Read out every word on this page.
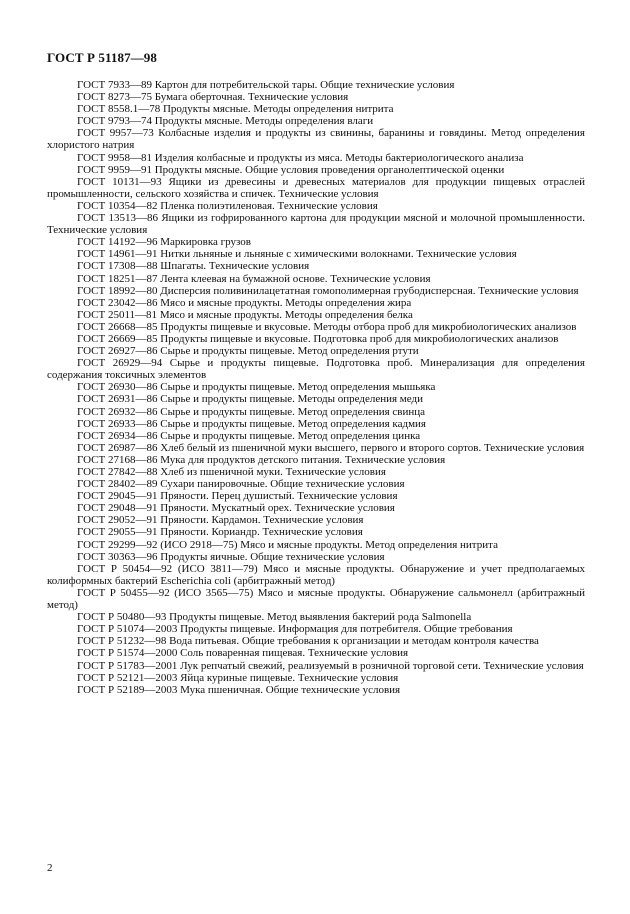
ГОСТ Р 51187—98
ГОСТ 7933—89 Картон для потребительской тары. Общие технические условия
ГОСТ 8273—75 Бумага оберточная. Технические условия
ГОСТ 8558.1—78 Продукты мясные. Методы определения нитрита
ГОСТ 9793—74 Продукты мясные. Методы определения влаги
ГОСТ 9957—73 Колбасные изделия и продукты из свинины, баранины и говядины. Метод определения хлористого натрия
ГОСТ 9958—81 Изделия колбасные и продукты из мяса. Методы бактериологического анализа
ГОСТ 9959—91 Продукты мясные. Общие условия проведения органолептической оценки
ГОСТ 10131—93 Ящики из древесины и древесных материалов для продукции пищевых отраслей промышленности, сельского хозяйства и спичек. Технические условия
ГОСТ 10354—82 Пленка полиэтиленовая. Технические условия
ГОСТ 13513—86 Ящики из гофрированного картона для продукции мясной и молочной промышленности. Технические условия
ГОСТ 14192—96 Маркировка грузов
ГОСТ 14961—91 Нитки льняные и льняные с химическими волокнами. Технические условия
ГОСТ 17308—88 Шпагаты. Технические условия
ГОСТ 18251—87 Лента клеевая на бумажной основе. Технические условия
ГОСТ 18992—80 Дисперсия поливинилацетатная гомополимерная грубодисперсная. Технические условия
ГОСТ 23042—86 Мясо и мясные продукты. Методы определения жира
ГОСТ 25011—81 Мясо и мясные продукты. Методы определения белка
ГОСТ 26668—85 Продукты пищевые и вкусовые. Методы отбора проб для микробиологических анализов
ГОСТ 26669—85 Продукты пищевые и вкусовые. Подготовка проб для микробиологических анализов
ГОСТ 26927—86 Сырье и продукты пищевые. Метод определения ртути
ГОСТ 26929—94 Сырье и продукты пищевые. Подготовка проб. Минерализация для определения содержания токсичных элементов
ГОСТ 26930—86 Сырье и продукты пищевые. Метод определения мышьяка
ГОСТ 26931—86 Сырье и продукты пищевые. Методы определения меди
ГОСТ 26932—86 Сырье и продукты пищевые. Метод определения свинца
ГОСТ 26933—86 Сырье и продукты пищевые. Метод определения кадмия
ГОСТ 26934—86 Сырье и продукты пищевые. Метод определения цинка
ГОСТ 26987—86 Хлеб белый из пшеничной муки высшего, первого и второго сортов. Технические условия
ГОСТ 27168—86 Мука для продуктов детского питания. Технические условия
ГОСТ 27842—88 Хлеб из пшеничной муки. Технические условия
ГОСТ 28402—89 Сухари панировочные. Общие технические условия
ГОСТ 29045—91 Пряности. Перец душистый. Технические условия
ГОСТ 29048—91 Пряности. Мускатный орех. Технические условия
ГОСТ 29052—91 Пряности. Кардамон. Технические условия
ГОСТ 29055—91 Пряности. Кориандр. Технические условия
ГОСТ 29299—92 (ИСО 2918—75) Мясо и мясные продукты. Метод определения нитрита
ГОСТ 30363—96 Продукты яичные. Общие технические условия
ГОСТ Р 50454—92 (ИСО 3811—79) Мясо и мясные продукты. Обнаружение и учет предполагаемых колиформных бактерий Escherichia coli (арбитражный метод)
ГОСТ Р 50455—92 (ИСО 3565—75) Мясо и мясные продукты. Обнаружение сальмонелл (арбитражный метод)
ГОСТ Р 50480—93 Продукты пищевые. Метод выявления бактерий рода Salmonella
ГОСТ Р 51074—2003 Продукты пищевые. Информация для потребителя. Общие требования
ГОСТ Р 51232—98 Вода питьевая. Общие требования к организации и методам контроля качества
ГОСТ Р 51574—2000 Соль поваренная пищевая. Технические условия
ГОСТ Р 51783—2001 Лук репчатый свежий, реализуемый в розничной торговой сети. Технические условия
ГОСТ Р 52121—2003 Яйца куриные пищевые. Технические условия
ГОСТ Р 52189—2003 Мука пшеничная. Общие технические условия
2
